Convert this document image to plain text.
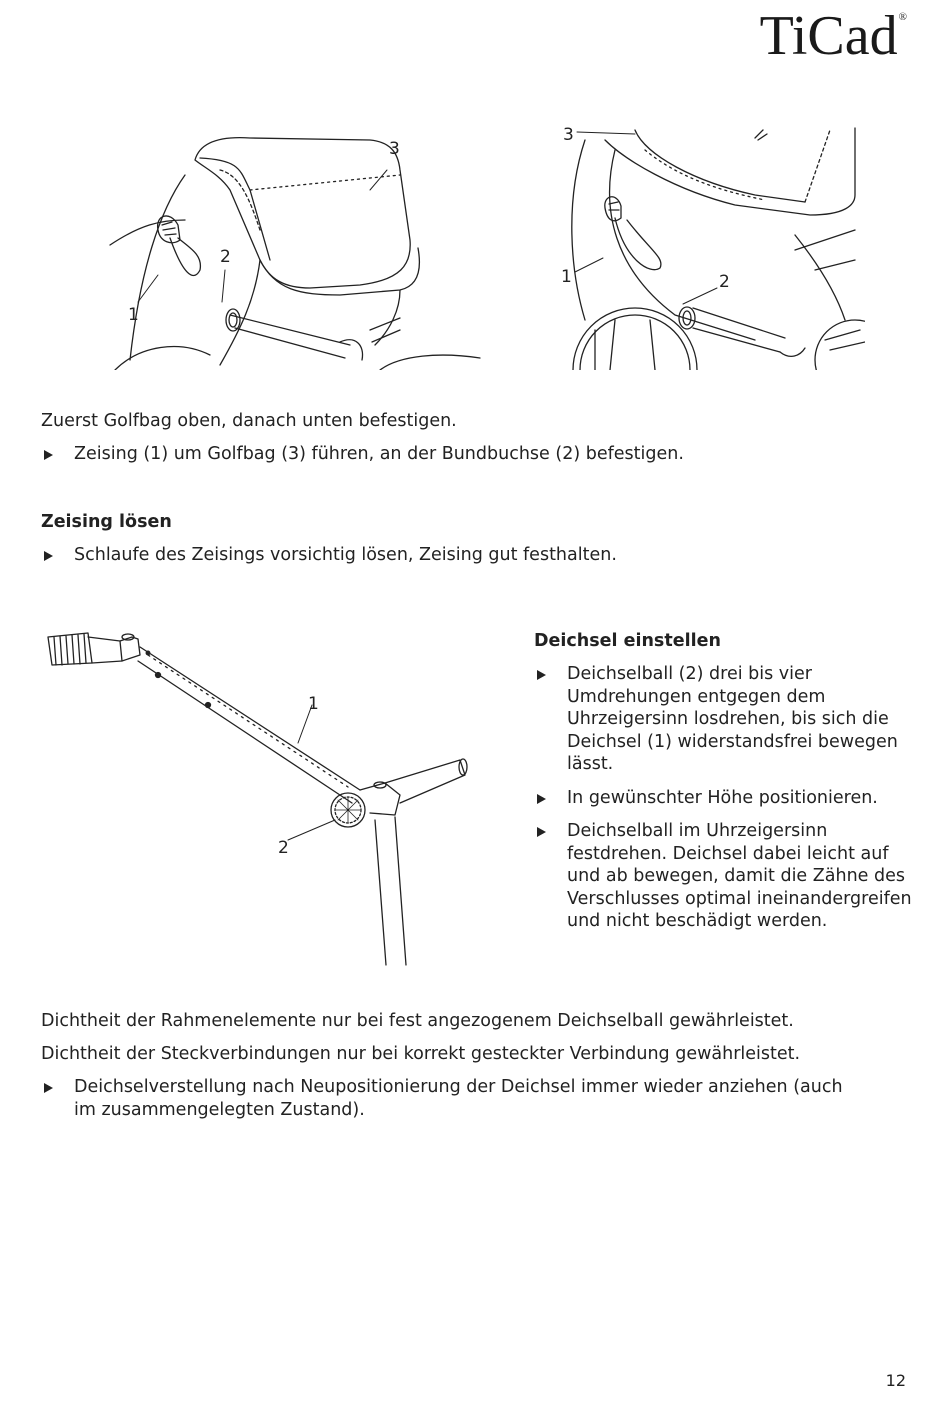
TiCad®
1
2
3
3
1	2
Zuerst Golfbag oben, danach unten befestigen.
Zeising (1) um Golfbag (3) führen, an der Bundbuchse (2) befestigen.
Zeising lösen
Schlaufe des Zeisings vorsichtig lösen, Zeising gut festhalten.
1
2
Deichsel einstellen
Deichselball (2) drei bis vier Umdrehungen entgegen dem Uhrzeigersinn losdrehen, bis sich die Deichsel (1) widerstandsfrei bewegen lässt.
In gewünschter Höhe positionieren.
Deichselball im Uhrzeigersinn festdrehen. Deichsel dabei leicht auf und ab bewegen, damit die Zähne des Verschlusses optimal ineinandergreifen und nicht beschädigt werden.
Dichtheit der Rahmenelemente nur bei fest angezogenem Deichselball gewährleistet.
Dichtheit der Steckverbindungen nur bei korrekt gesteckter Verbindung gewährleistet.
Deichselverstellung nach Neupositionierung der Deichsel immer wieder anziehen (auch im zusammengelegten Zustand).
12
